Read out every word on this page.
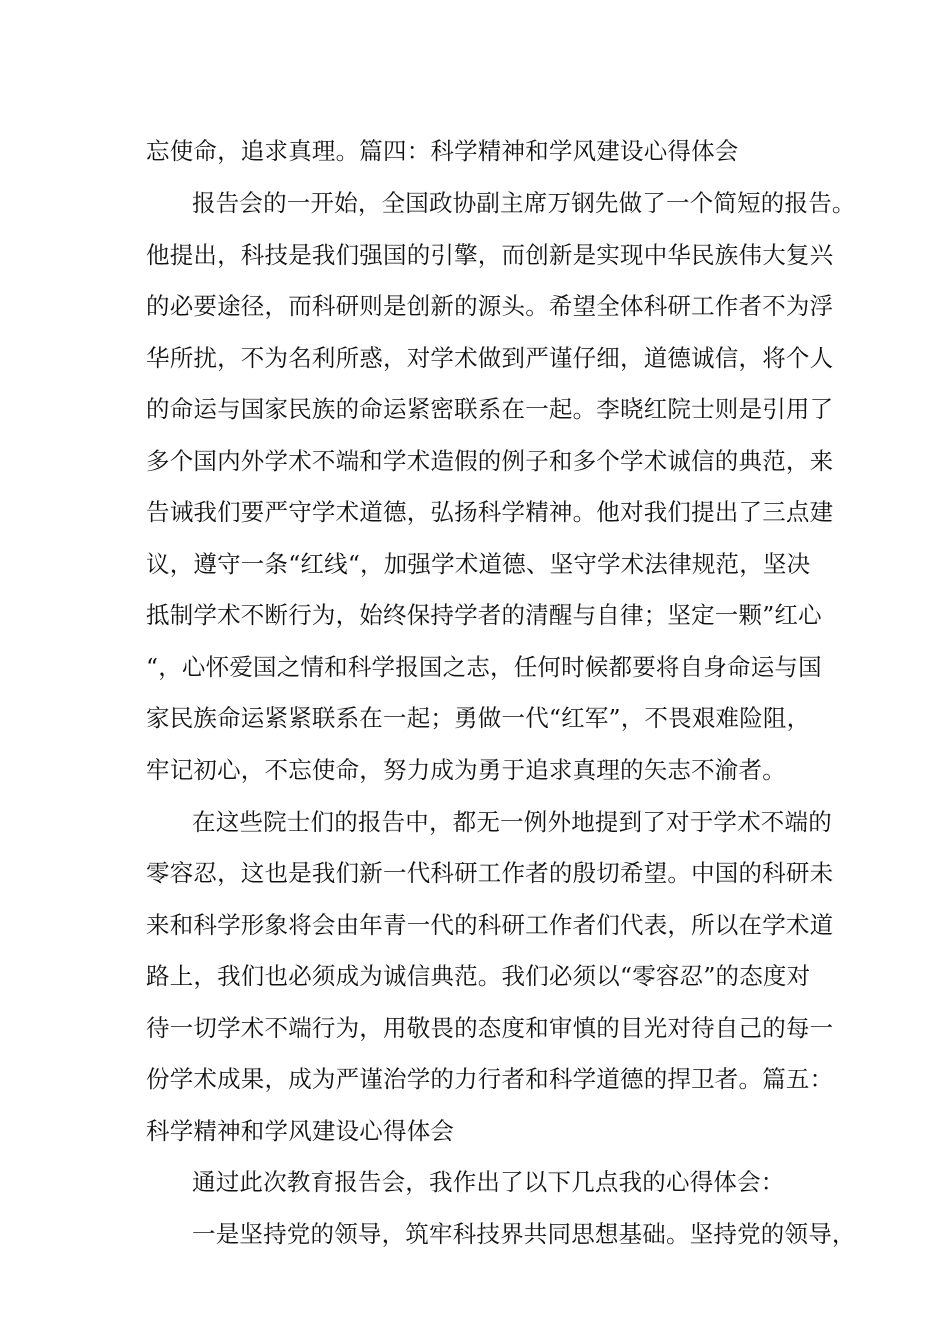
忘使命，追求真理。篇四：科学精神和学风建设心得体会
报告会的一开始，全国政协副主席万钢先做了一个简短的报告。
他提出，科技是我们强国的引擎，而创新是实现中华民族伟大复兴
的必要途径，而科研则是创新的源头。希望全体科研工作者不为浮
华所扰，不为名利所惑，对学术做到严谨仔细，道德诚信，将个人
的命运与国家民族的命运紧密联系在一起。李晓红院士则是引用了
多个国内外学术不端和学术造假的例子和多个学术诚信的典范，来
告诫我们要严守学术道德，弘扬科学精神。他对我们提出了三点建
议，遵守一条“红线“，加强学术道德、坚守学术法律规范，坚决
抵制学术不断行为，始终保持学者的清醒与自律；坚定一颗”红心
“，心怀爱国之情和科学报国之志，任何时候都要将自身命运与国
家民族命运紧紧联系在一起；勇做一代“红军”，不畏艰难险阻，
牢记初心，不忘使命，努力成为勇于追求真理的矢志不渝者。
在这些院士们的报告中，都无一例外地提到了对于学术不端的
零容忍，这也是我们新一代科研工作者的殷切希望。中国的科研未
来和科学形象将会由年青一代的科研工作者们代表，所以在学术道
路上，我们也必须成为诚信典范。我们必须以“零容忍”的态度对
待一切学术不端行为，用敬畏的态度和审慎的目光对待自己的每一
份学术成果，成为严谨治学的力行者和科学道德的捍卫者。篇五：
科学精神和学风建设心得体会
通过此次教育报告会，我作出了以下几点我的心得体会：
一是坚持党的领导，筑牢科技界共同思想基础。坚持党的领导，
